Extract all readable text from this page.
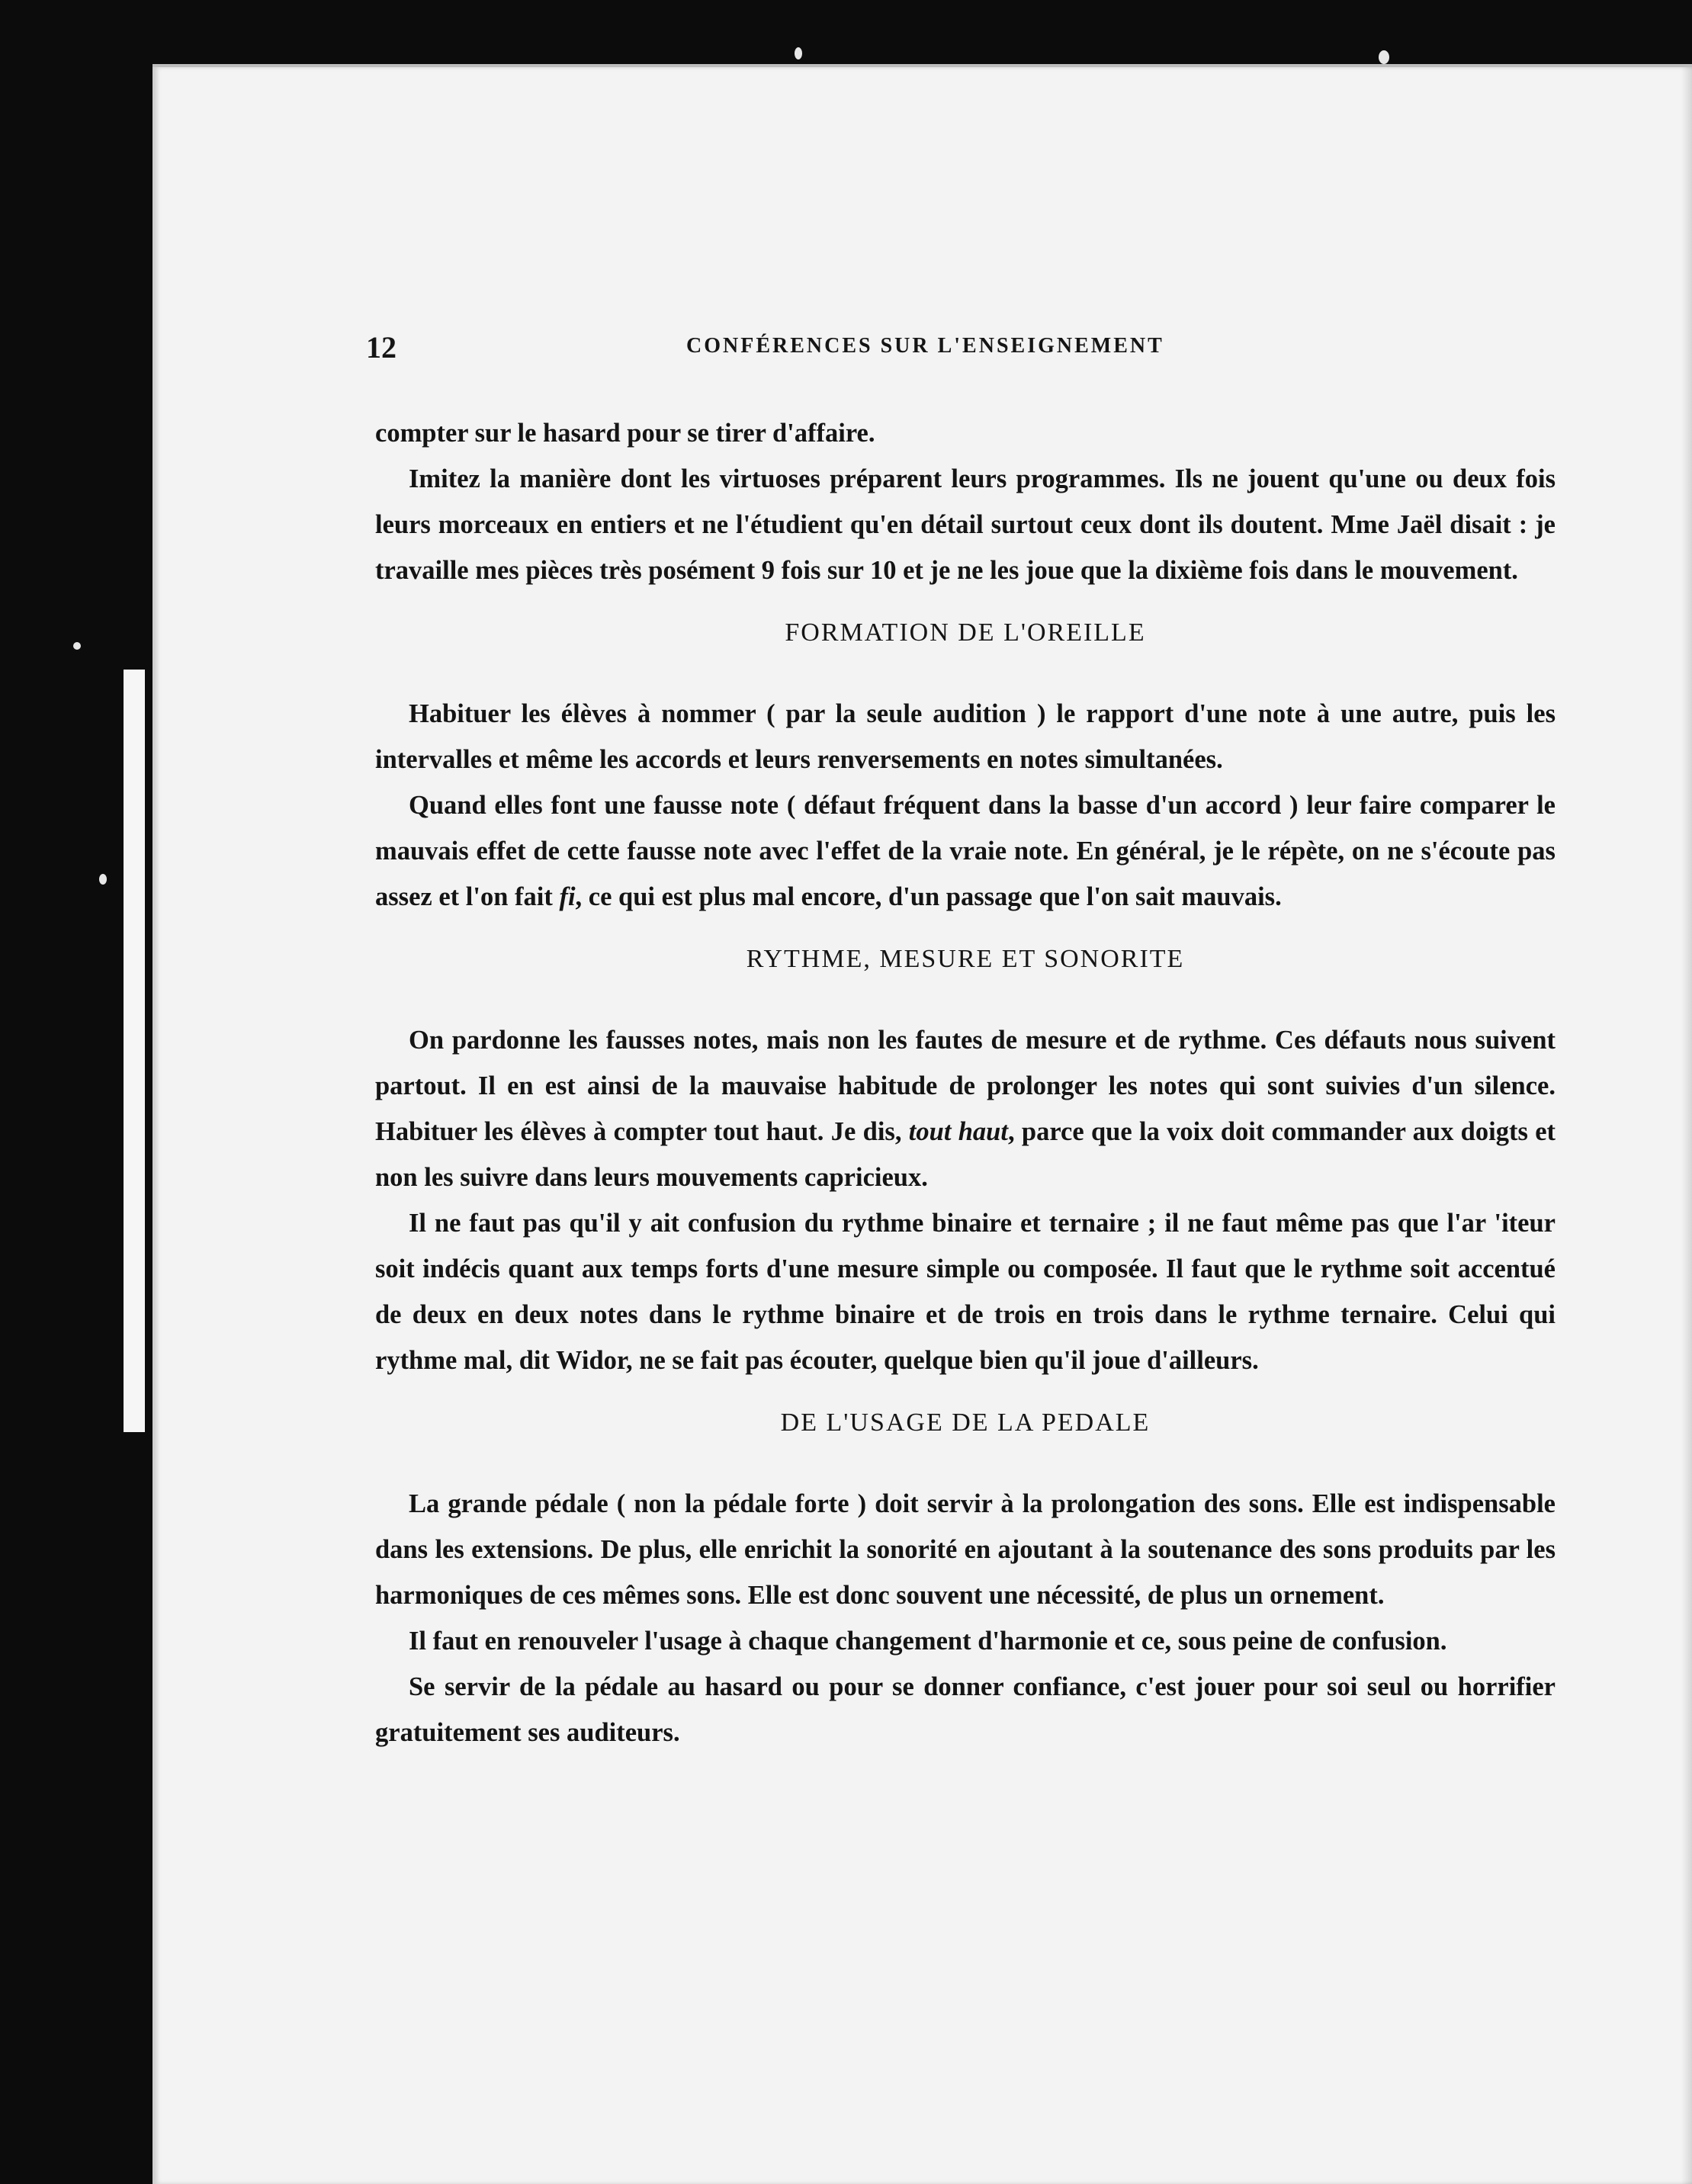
12	CONFÉRENCES SUR L'ENSEIGNEMENT

compter sur le hasard pour se tirer d'affaire.

Imitez la manière dont les virtuoses préparent leurs programmes. Ils ne jouent qu'une ou deux fois leurs morceaux en entiers et ne l'étudient qu'en détail surtout ceux dont ils doutent. Mme Jaël disait : je travaille mes pièces très posément 9 fois sur 10 et je ne les joue que la dixième fois dans le mouvement.

FORMATION DE L'OREILLE

Habituer les élèves à nommer ( par la seule audition ) le rapport d'une note à une autre, puis les intervalles et même les accords et leurs renversements en notes simultanées.

Quand elles font une fausse note ( défaut fréquent dans la basse d'un accord ) leur faire comparer le mauvais effet de cette fausse note avec l'effet de la vraie note. En général, je le répète, on ne s'écoute pas assez et l'on fait fi, ce qui est plus mal encore, d'un passage que l'on sait mauvais.

RYTHME, MESURE ET SONORITE

On pardonne les fausses notes, mais non les fautes de mesure et de rythme. Ces défauts nous suivent partout. Il en est ainsi de la mauvaise habitude de prolonger les notes qui sont suivies d'un silence. Habituer les élèves à compter tout haut. Je dis, tout haut, parce que la voix doit commander aux doigts et non les suivre dans leurs mouvements capricieux.

Il ne faut pas qu'il y ait confusion du rythme binaire et ternaire ; il ne faut même pas que l'ar 'iteur soit indécis quant aux temps forts d'une mesure simple ou composée. Il faut que le rythme soit accentué de deux en deux notes dans le rythme binaire et de trois en trois dans le rythme ternaire. Celui qui rythme mal, dit Widor, ne se fait pas écouter, quelque bien qu'il joue d'ailleurs.

DE L'USAGE DE LA PEDALE

La grande pédale ( non la pédale forte ) doit servir à la prolongation des sons. Elle est indispensable dans les extensions. De plus, elle enrichit la sonorité en ajoutant à la soutenance des sons produits par les harmoniques de ces mêmes sons. Elle est donc souvent une nécessité, de plus un ornement.

Il faut en renouveler l'usage à chaque changement d'harmonie et ce, sous peine de confusion.

Se servir de la pédale au hasard ou pour se donner confiance, c'est jouer pour soi seul ou horrifier gratuitement ses auditeurs.
